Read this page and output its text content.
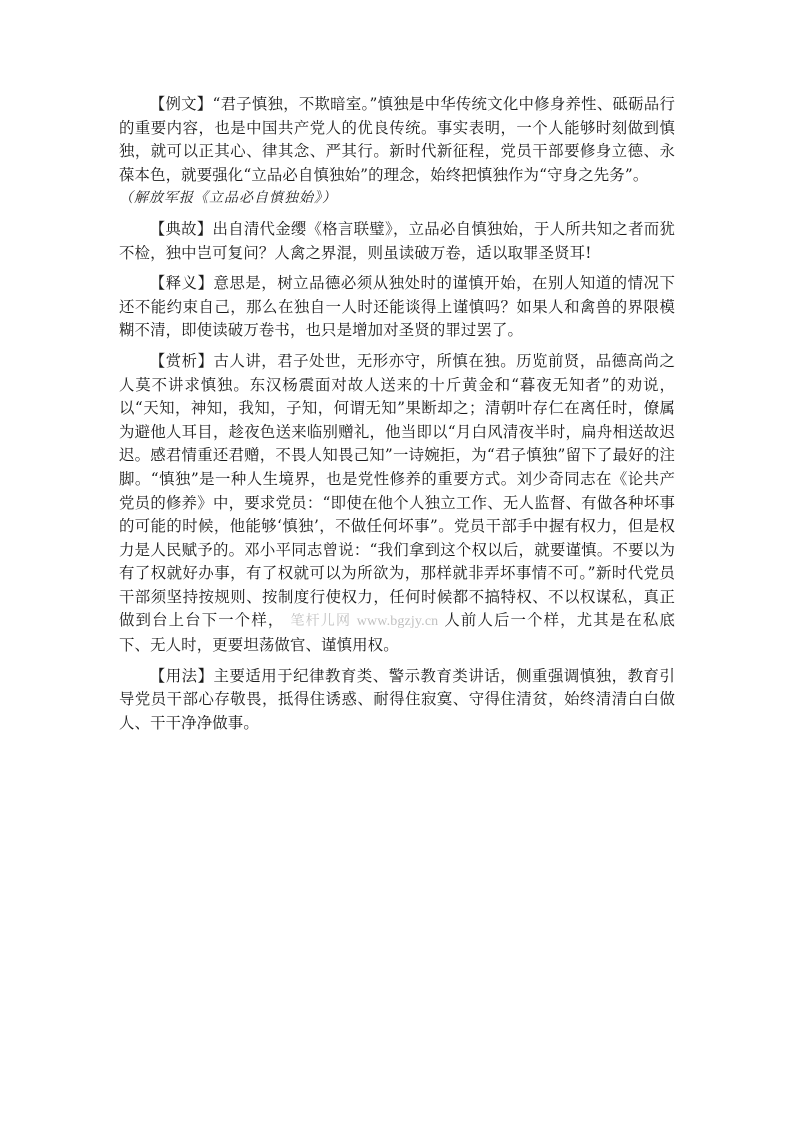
【例文】“君子慎独，不欺暗室。”慎独是中华传统文化中修身养性、砥砺品行的重要内容，也是中国共产党人的优良传统。事实表明，一个人能够时刻做到慎独，就可以正其心、律其念、严其行。新时代新征程，党员干部要修身立德、永葆本色，就要强化“立品必自慎独始”的理念，始终把慎独作为“守身之先务”。
（解放军报《立品必自慎独始》）

【典故】出自清代金缨《格言联璧》，立品必自慎独始，于人所共知之者而犹不检，独中岂可复问？人禽之界混，则虽读破万卷，适以取罪圣贤耳!

【释义】意思是，树立品德必须从独处时的谨慎开始，在别人知道的情况下还不能约束自己，那么在独自一人时还能谈得上谨慎吗？如果人和禽兽的界限模糊不清，即使读破万卷书，也只是增加对圣贤的罪过罢了。

【赏析】古人讲，君子处世，无形亦守，所慎在独。历览前贤，品德高尚之人莫不讲求慎独。东汉杨震面对故人送来的十斤黄金和“暮夜无知者”的劝说，以“天知，神知，我知，子知，何谓无知”果断却之；清朝叶存仁在离任时，僚属为避他人耳目，趁夜色送来临别赠礼，他当即以“月白风清夜半时，扁舟相送故迟迟。感君情重还君赠，不畏人知畏己知”一诗婉拒，为“君子慎独”留下了最好的注脚。“慎独”是一种人生境界，也是党性修养的重要方式。刘少奇同志在《论共产党员的修养》中，要求党员：“即使在他个人独立工作、无人监督、有做各种坏事的可能的时候，他能够‘慎独’，不做任何坏事”。党员干部手中握有权力，但是权力是人民赋予的。邓小平同志曾说：“我们拿到这个权以后，就要谨慎。不要以为有了权就好办事，有了权就可以为所欲为，那样就非弄坏事情不可。”新时代党员干部须坚持按规则、按制度行使权力，任何时候都不搞特权、不以权谋私，真正做到台上台下一个样， 笔杆儿网 www.bgzjy.cn 人前人后一个样，尤其是在私底下、无人时，更要坦荡做官、谨慎用权。

【用法】主要适用于纪律教育类、警示教育类讲话，侧重强调慎独，教育引导党员干部心存敬畏，抵得住诱惑、耐得住寂寞、守得住清贫，始终清清白白做人、干干净净做事。
